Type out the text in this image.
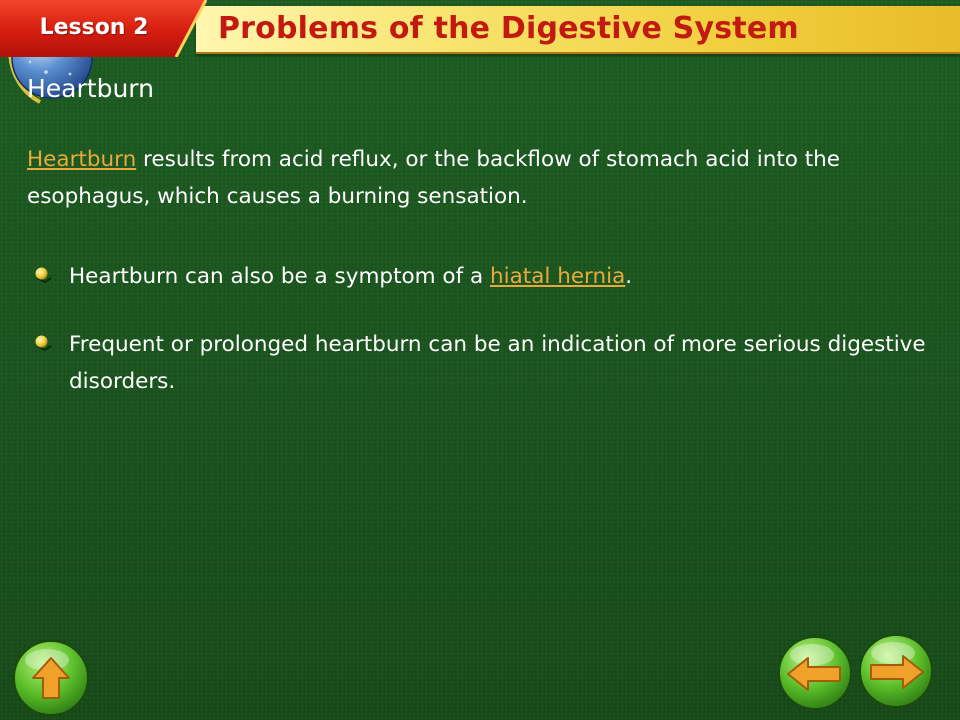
Lesson 2	Problems of the Digestive System
Heartburn

Heartburn results from acid reflux, or the backflow of stomach acid into the esophagus, which causes a burning sensation.

Heartburn can also be a symptom of a hiatal hernia.
Frequent or prolonged heartburn can be an indication of more serious digestive disorders.
